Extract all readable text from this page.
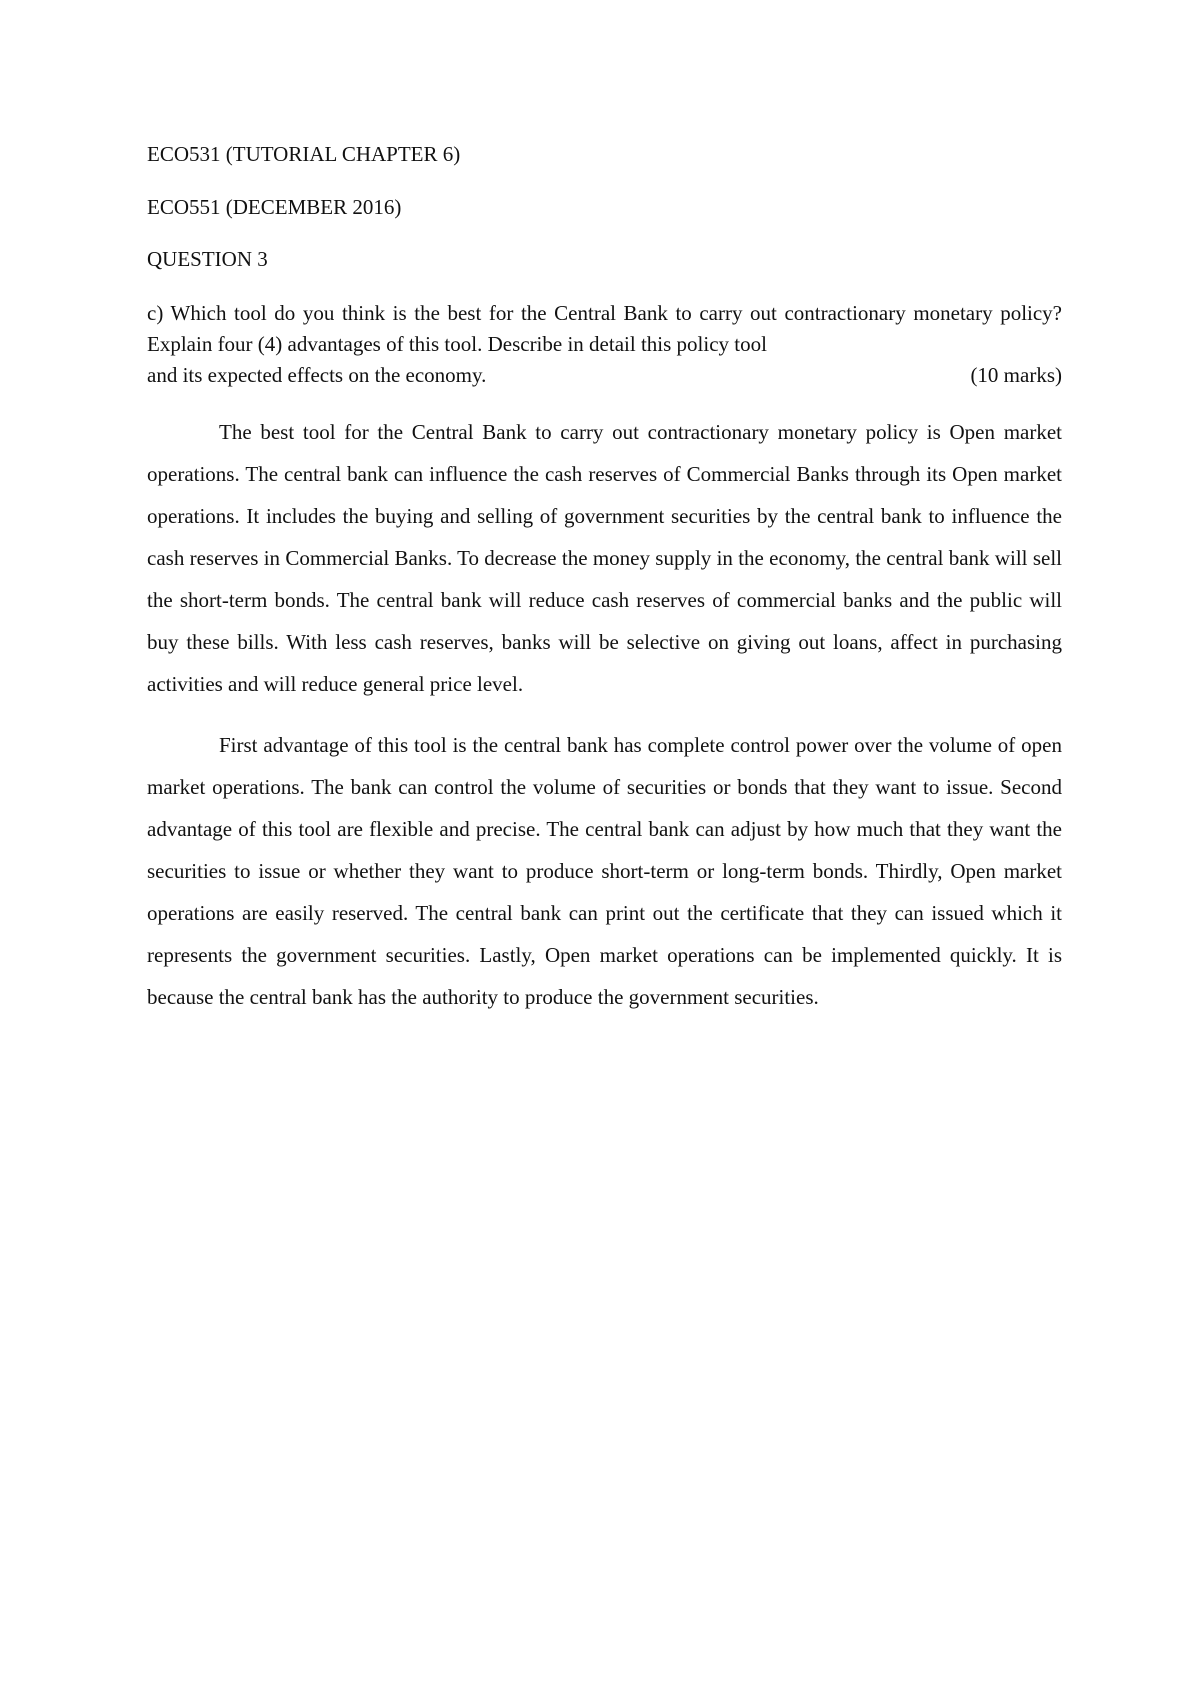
ECO531 (TUTORIAL CHAPTER 6)

ECO551 (DECEMBER 2016)

QUESTION 3

c) Which tool do you think is the best for the Central Bank to carry out contractionary monetary policy? Explain four (4) advantages of this tool. Describe in detail this policy tool

and its expected effects on the economy.	(10 marks)

The best tool for the Central Bank to carry out contractionary monetary policy is Open market operations. The central bank can influence the cash reserves of Commercial Banks through its Open market operations. It includes the buying and selling of government securities by the central bank to influence the cash reserves in Commercial Banks. To decrease the money supply in the economy, the central bank will sell the short-term bonds. The central bank will reduce cash reserves of commercial banks and the public will buy these bills. With less cash reserves, banks will be selective on giving out loans, affect in purchasing activities and will reduce general price level.

First advantage of this tool is the central bank has complete control power over the volume of open market operations. The bank can control the volume of securities or bonds that they want to issue. Second advantage of this tool are flexible and precise. The central bank can adjust by how much that they want the securities to issue or whether they want to produce short-term or long-term bonds. Thirdly, Open market operations are easily reserved. The central bank can print out the certificate that they can issued which it represents the government securities. Lastly, Open market operations can be implemented quickly. It is because the central bank has the authority to produce the government securities.
